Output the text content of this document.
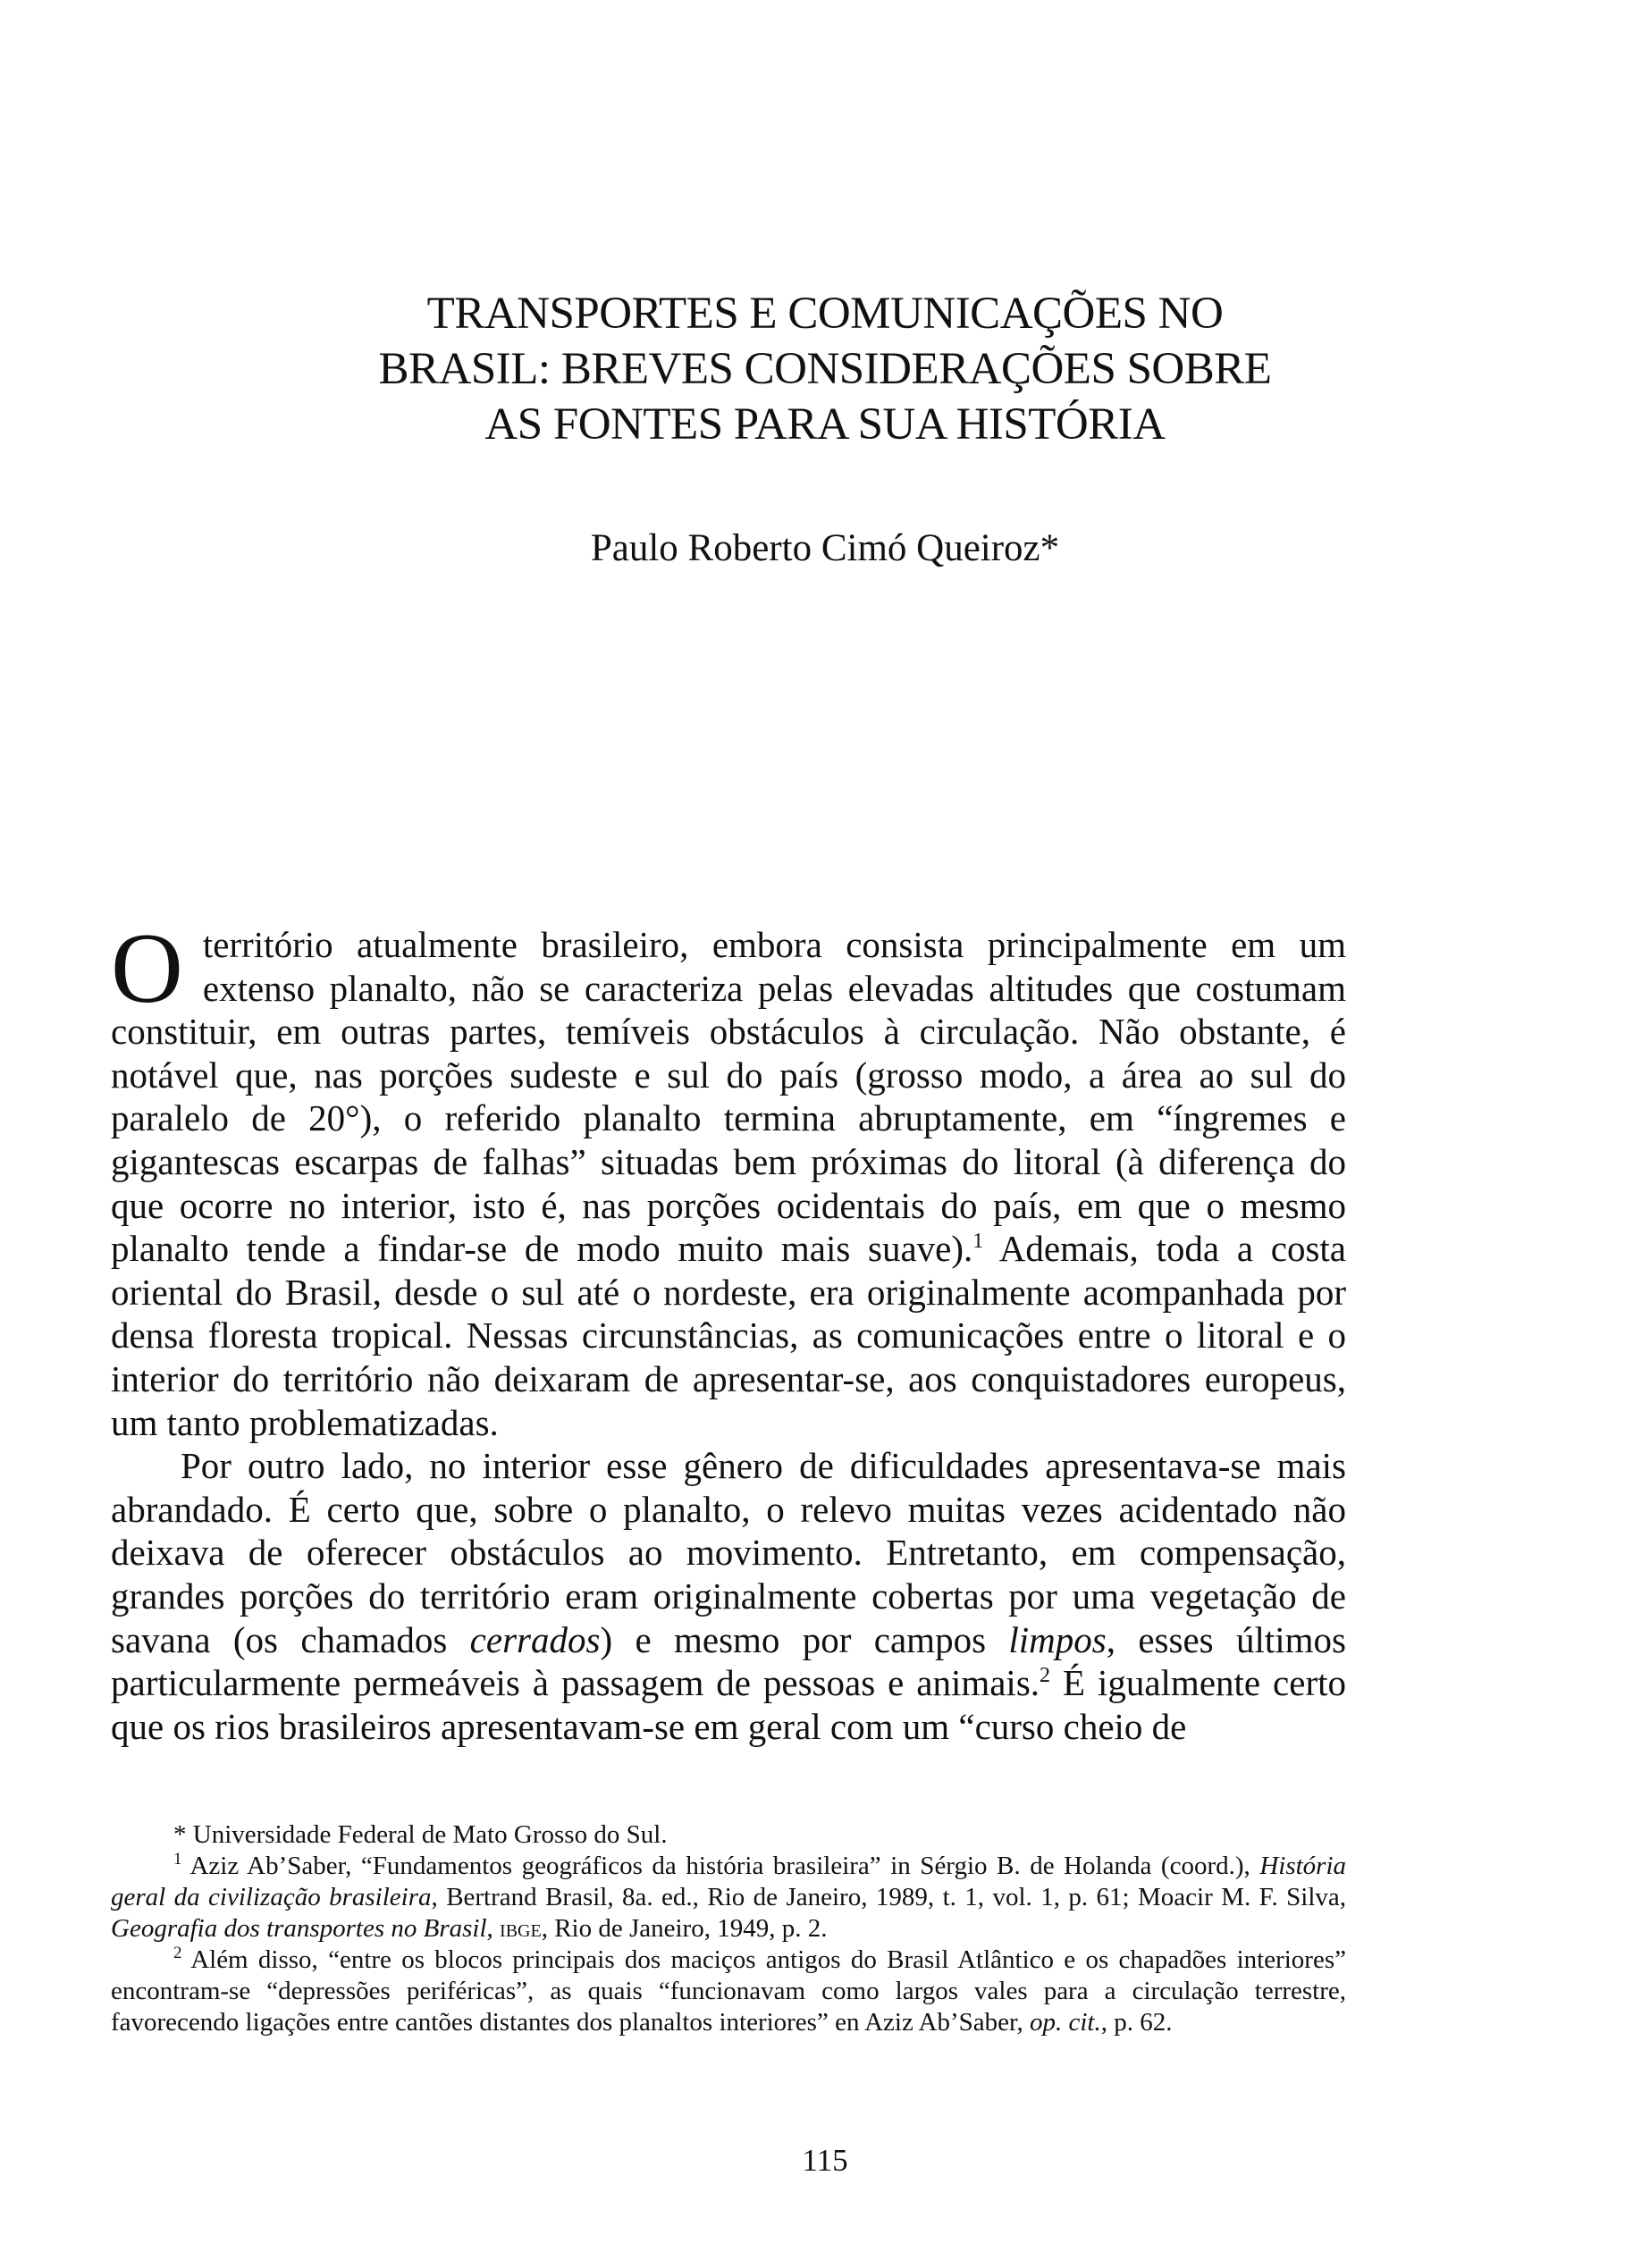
TRANSPORTES E COMUNICAÇÕES NO
BRASIL: BREVES CONSIDERAÇÕES SOBRE
AS FONTES PARA SUA HISTÓRIA
Paulo Roberto Cimó Queiroz*

Oterritório atualmente brasileiro, embora consista principalmente em um extenso planalto, não se caracteriza pelas elevadas altitudes que costumam constituir, em outras partes, temíveis obstáculos à circulação. Não obstante, é notável que, nas porções sudeste e sul do país (grosso modo, a área ao sul do paralelo de 20°), o referido planalto termina abruptamente, em “íngremes e gigantescas escarpas de falhas” situadas bem próximas do litoral (à diferença do que ocorre no interior, isto é, nas porções ocidentais do país, em que o mesmo planalto tende a findar-se de modo muito mais suave).$^1$ Ademais, toda a costa oriental do Brasil, desde o sul até o nordeste, era originalmente acompanhada por densa floresta tropical. Nessas circunstâncias, as comunicações entre o litoral e o interior do território não deixaram de apresentar-se, aos conquistadores europeus, um tanto problematizadas.

Por outro lado, no interior esse gênero de dificuldades apresentava-se mais abrandado. É certo que, sobre o planalto, o relevo muitas vezes acidentado não deixava de oferecer obstáculos ao movimento. Entretanto, em compensação, grandes porções do território eram originalmente cobertas por uma vegetação de savana (os chamados cerrados) e mesmo por campos limpos, esses últimos particularmente permeáveis à passagem de pessoas e animais.$^2$ É igualmente certo que os rios brasileiros apresentavam-se em geral com um “curso cheio de

* Universidade Federal de Mato Grosso do Sul.

$^1$ Aziz Ab’Saber, “Fundamentos geográficos da história brasileira” in Sérgio B. de Holanda (coord.), História geral da civilização brasileira, Bertrand Brasil, 8a. ed., Rio de Janeiro, 1989, t. 1, vol. 1, p. 61; Moacir M. F. Silva, Geografia dos transportes no Brasil, ibge, Rio de Janeiro, 1949, p. 2.

$^2$ Além disso, “entre os blocos principais dos maciços antigos do Brasil Atlântico e os chapadões interiores” encontram-se “depressões periféricas”, as quais “funcionavam como largos vales para a circulação terrestre, favorecendo ligações entre cantões distantes dos planaltos interiores” en Aziz Ab’Saber, op. cit., p. 62.

115
